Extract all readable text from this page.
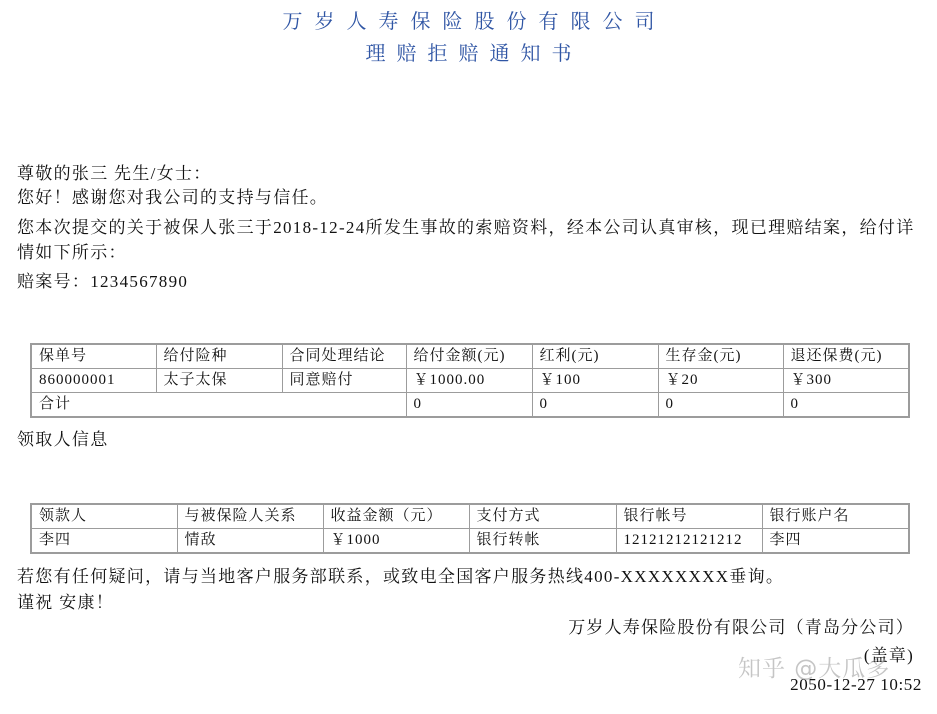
万岁人寿保险股份有限公司
理赔拒赔通知书
尊敬的张三 先生/女士：
您好！感谢您对我公司的支持与信任。
您本次提交的关于被保人张三于2018-12-24所发生事故的索赔资料，经本公司认真审核，现已理赔结案，给付详
情如下所示：
赔案号：1234567890
保单号	给付险种	合同处理结论	给付金额(元)	红利(元)	生存金(元)	退还保费(元)
860000001	太子太保	同意赔付	￥1000.00	￥100	￥20	￥300
合计			0	0	0	0
领取人信息
领款人	与被保险人关系	收益金额（元）	支付方式	银行帐号	银行账户名
李四	情敌	￥1000	银行转帐	12121212121212	李四
若您有任何疑问，请与当地客户服务部联系，或致电全国客户服务热线400-XXXXXXXX垂询。
谨祝 安康！
万岁人寿保险股份有限公司（青岛分公司）
(盖章)
2050-12-27 10:52
知乎 @大瓜多
